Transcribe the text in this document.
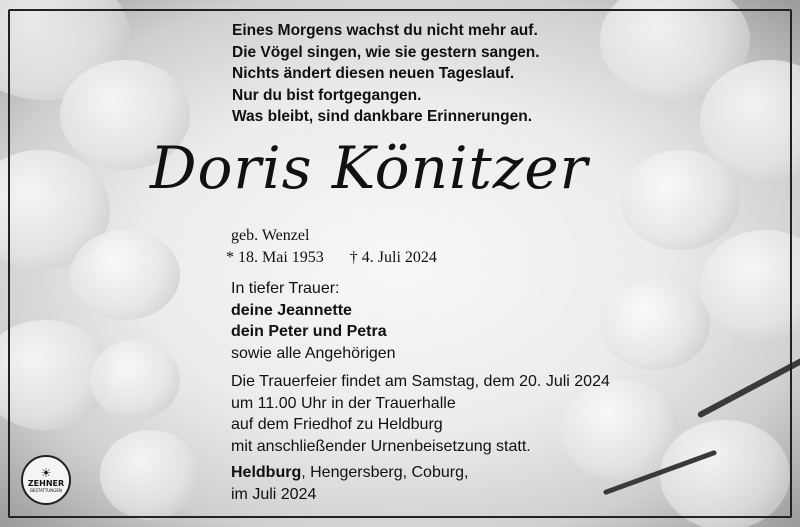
Eines Morgens wachst du nicht mehr auf.
Die Vögel singen, wie sie gestern sangen.
Nichts ändert diesen neuen Tageslauf.
Nur du bist fortgegangen.
Was bleibt, sind dankbare Erinnerungen.
Doris Könitzer
geb. Wenzel
* 18. Mai 1953 † 4. Juli 2024
In tiefer Trauer:
deine Jeannette
dein Peter und Petra
sowie alle Angehörigen
Die Trauerfeier findet am Samstag, dem 20. Juli 2024
um 11.00 Uhr in der Trauerhalle
auf dem Friedhof zu Heldburg
mit anschließender Urnenbeisetzung statt.
Heldburg, Hengersberg, Coburg,
im Juli 2024
☀
ZEHNER
BESTATTUNGEN
